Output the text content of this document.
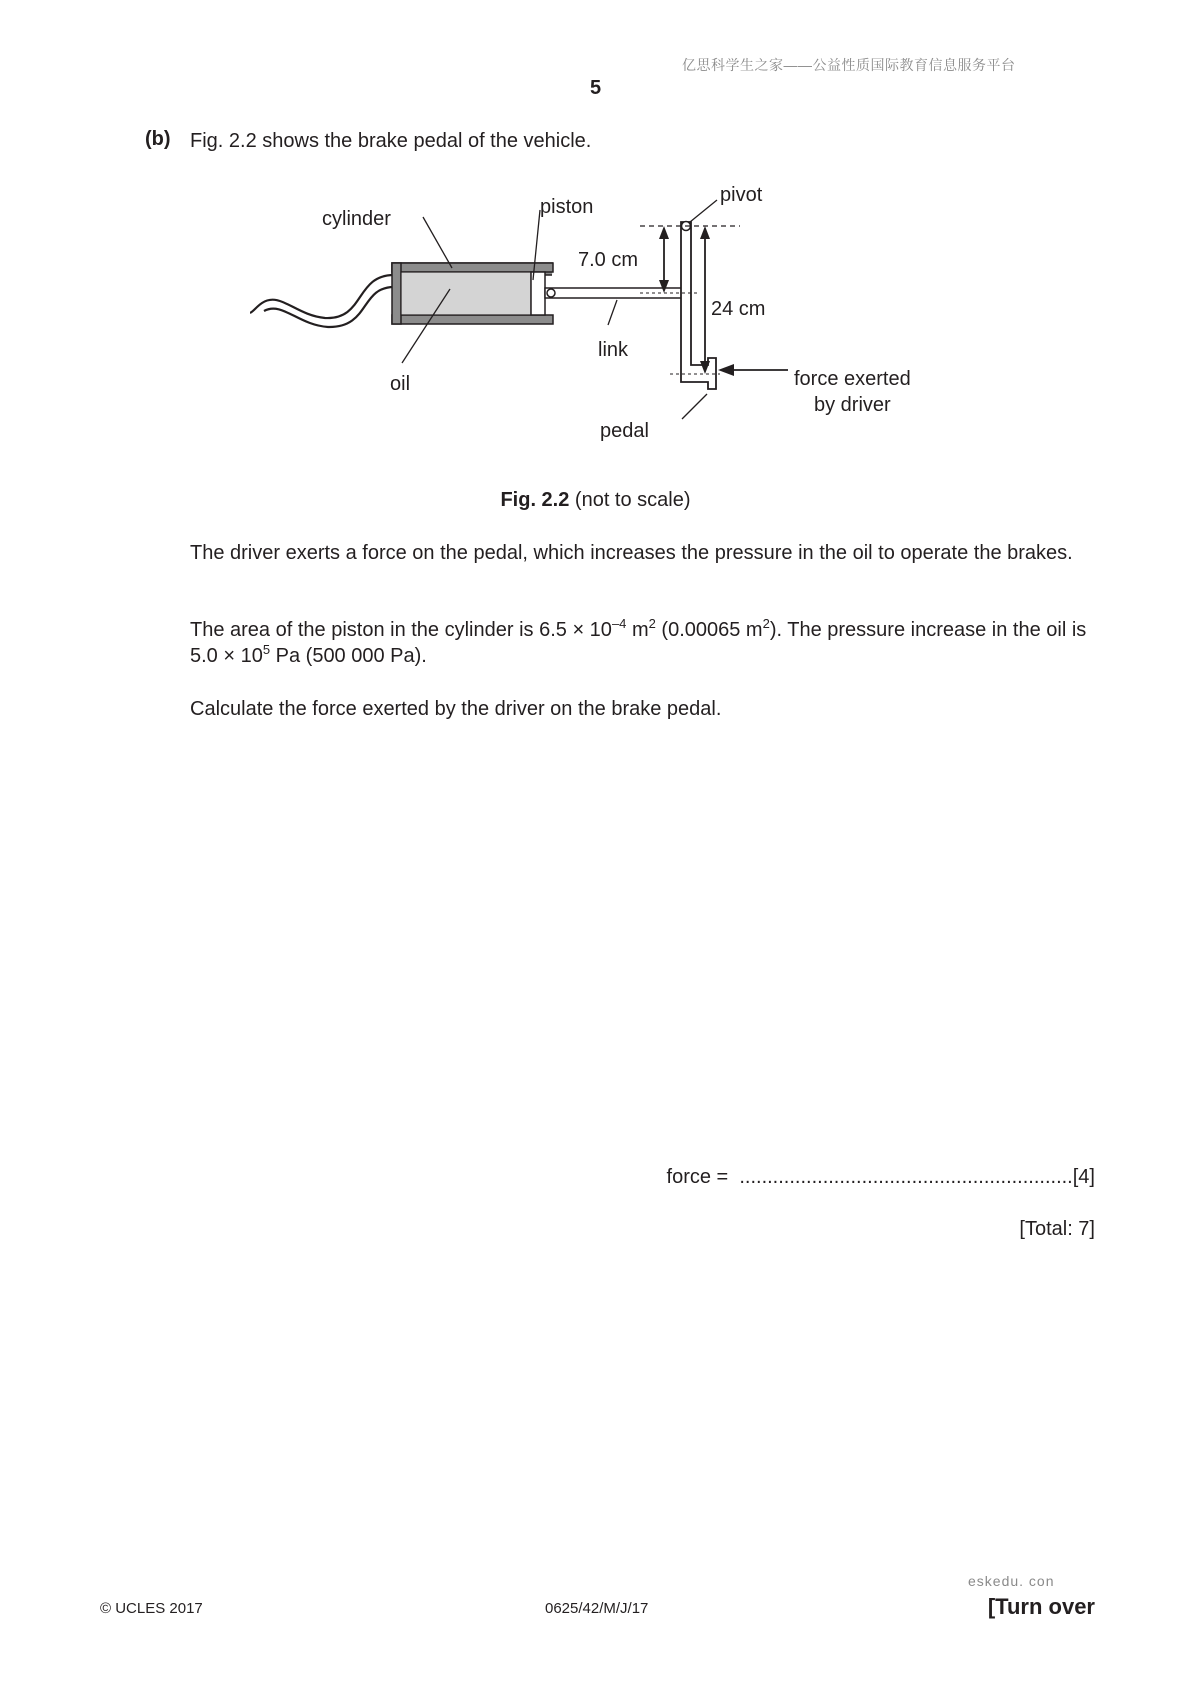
亿思科学生之家——公益性质国际教育信息服务平台
5
(b) Fig. 2.2 shows the brake pedal of the vehicle.
cylinder
piston
pivot
7.0 cm
24 cm
link
oil	force exerted
by driver
pedal
Fig. 2.2 (not to scale)
The driver exerts a force on the pedal, which increases the pressure in the oil to operate the brakes.
The area of the piston in the cylinder is $6.5 \times 10^{-4}$ $m^2$ (0.00065 $m^2$). The pressure increase in the oil is $5.0 \times 10^5$ Pa (500 000 Pa).
Calculate the force exerted by the driver on the brake pedal.
force = ............................................................[4]
[Total: 7]
© UCLES 2017	0625/42/M/J/17
eskedu. con
[Turn over
